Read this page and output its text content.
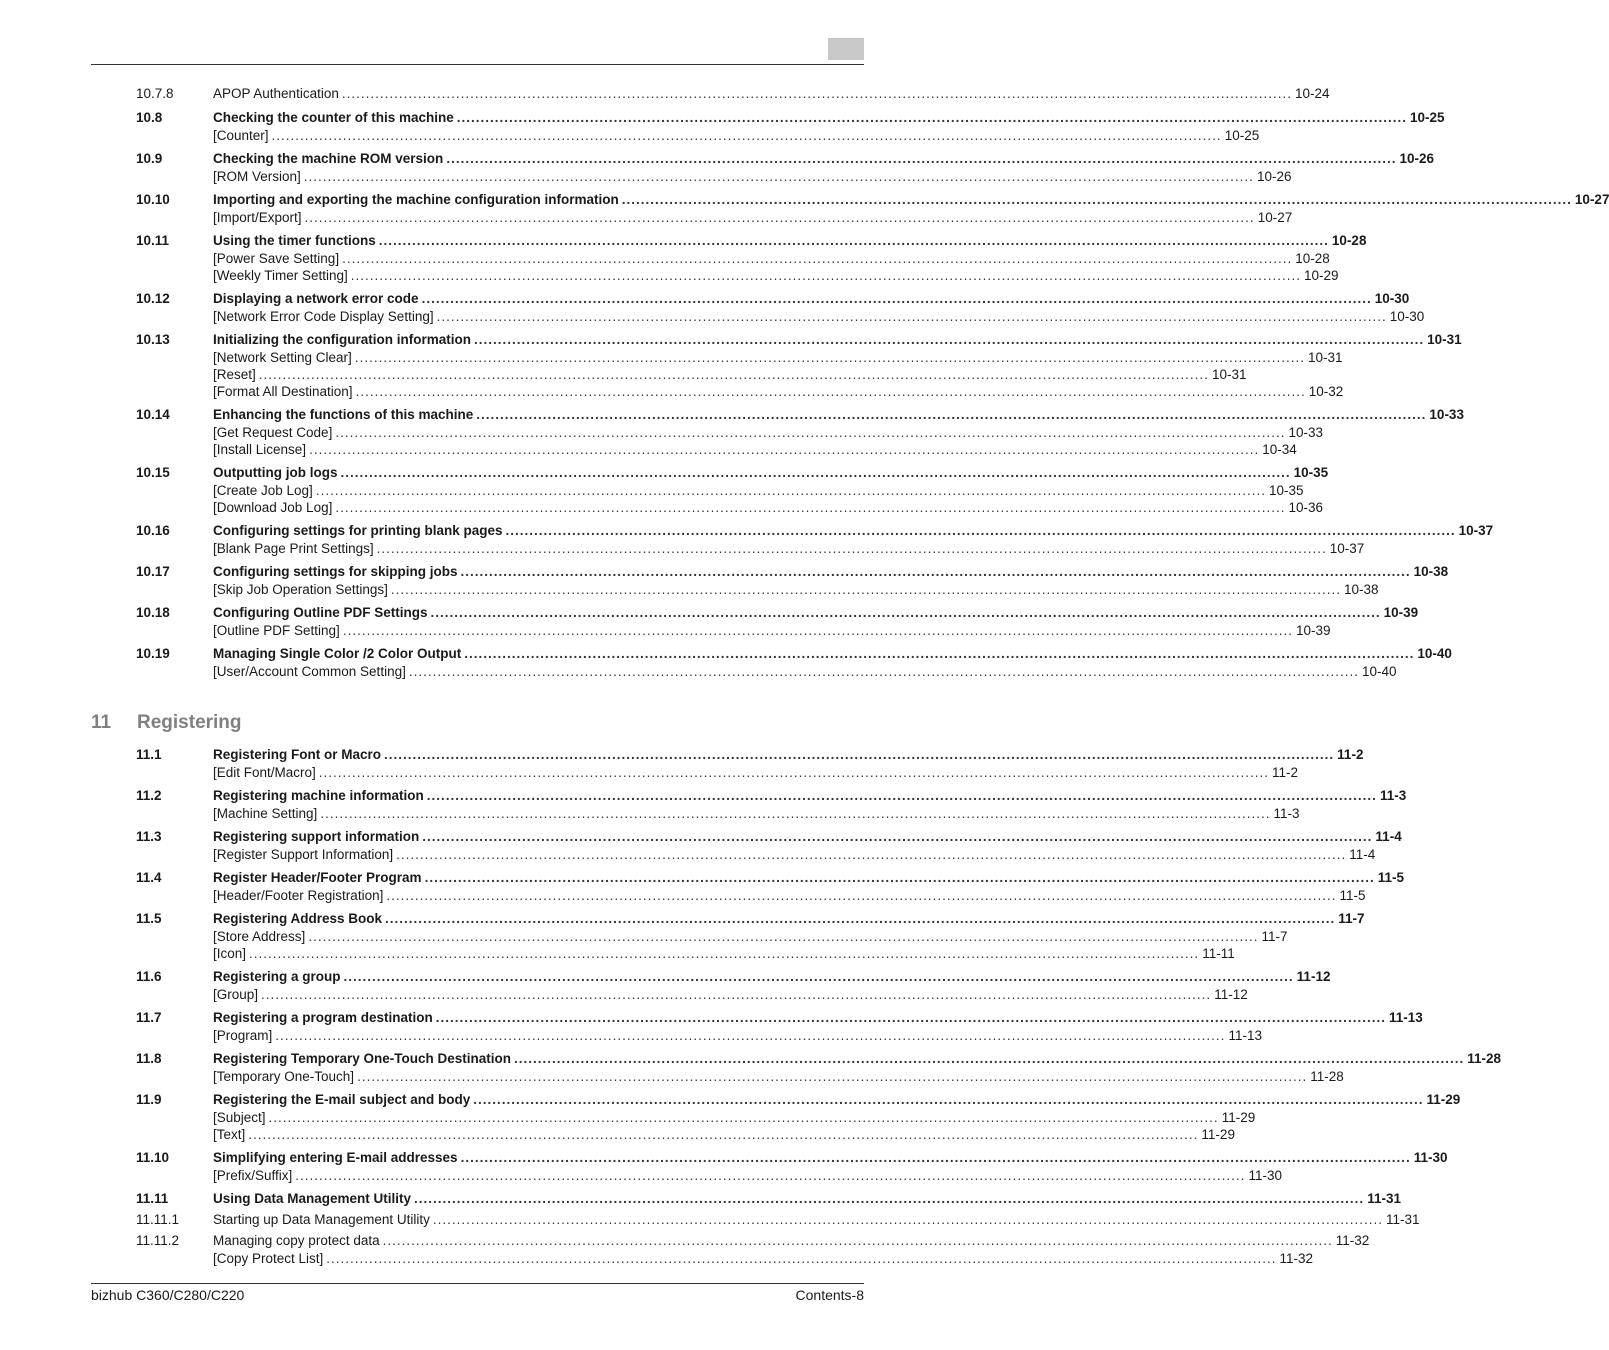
10.7.8	APOP Authentication ........................................................................................................................................................................................................ 10-24
10.8	Checking the counter of this machine ........................................................................................................................................................................................................ 10-25
[Counter] ........................................................................................................................................................................................................ 10-25
10.9	Checking the machine ROM version ........................................................................................................................................................................................................ 10-26
[ROM Version] ........................................................................................................................................................................................................ 10-26
10.10	Importing and exporting the machine configuration information ........................................................................................................................................................................................................ 10-27
[Import/Export] ........................................................................................................................................................................................................ 10-27
10.11	Using the timer functions ........................................................................................................................................................................................................ 10-28
[Power Save Setting] ........................................................................................................................................................................................................ 10-28
[Weekly Timer Setting] ........................................................................................................................................................................................................ 10-29
10.12	Displaying a network error code ........................................................................................................................................................................................................ 10-30
[Network Error Code Display Setting] ........................................................................................................................................................................................................ 10-30
10.13	Initializing the configuration information ........................................................................................................................................................................................................ 10-31
[Network Setting Clear] ........................................................................................................................................................................................................ 10-31
[Reset] ........................................................................................................................................................................................................ 10-31
[Format All Destination] ........................................................................................................................................................................................................ 10-32
10.14	Enhancing the functions of this machine ........................................................................................................................................................................................................ 10-33
[Get Request Code] ........................................................................................................................................................................................................ 10-33
[Install License] ........................................................................................................................................................................................................ 10-34
10.15	Outputting job logs ........................................................................................................................................................................................................ 10-35
[Create Job Log] ........................................................................................................................................................................................................ 10-35
[Download Job Log] ........................................................................................................................................................................................................ 10-36
10.16	Configuring settings for printing blank pages ........................................................................................................................................................................................................ 10-37
[Blank Page Print Settings] ........................................................................................................................................................................................................ 10-37
10.17	Configuring settings for skipping jobs ........................................................................................................................................................................................................ 10-38
[Skip Job Operation Settings] ........................................................................................................................................................................................................ 10-38
10.18	Configuring Outline PDF Settings ........................................................................................................................................................................................................ 10-39
[Outline PDF Setting] ........................................................................................................................................................................................................ 10-39
10.19	Managing Single Color /2 Color Output ........................................................................................................................................................................................................ 10-40
[User/Account Common Setting] ........................................................................................................................................................................................................ 10-40
11 Registering
11.1	Registering Font or Macro ........................................................................................................................................................................................................ 11-2
[Edit Font/Macro] ........................................................................................................................................................................................................ 11-2
11.2	Registering machine information ........................................................................................................................................................................................................ 11-3
[Machine Setting] ........................................................................................................................................................................................................ 11-3
11.3	Registering support information ........................................................................................................................................................................................................ 11-4
[Register Support Information] ........................................................................................................................................................................................................ 11-4
11.4	Register Header/Footer Program ........................................................................................................................................................................................................ 11-5
[Header/Footer Registration] ........................................................................................................................................................................................................ 11-5
11.5	Registering Address Book ........................................................................................................................................................................................................ 11-7
[Store Address] ........................................................................................................................................................................................................ 11-7
[Icon] ........................................................................................................................................................................................................ 11-11
11.6	Registering a group ........................................................................................................................................................................................................ 11-12
[Group] ........................................................................................................................................................................................................ 11-12
11.7	Registering a program destination ........................................................................................................................................................................................................ 11-13
[Program] ........................................................................................................................................................................................................ 11-13
11.8	Registering Temporary One-Touch Destination ........................................................................................................................................................................................................ 11-28
[Temporary One-Touch] ........................................................................................................................................................................................................ 11-28
11.9	Registering the E-mail subject and body ........................................................................................................................................................................................................ 11-29
[Subject] ........................................................................................................................................................................................................ 11-29
[Text] ........................................................................................................................................................................................................ 11-29
11.10	Simplifying entering E-mail addresses ........................................................................................................................................................................................................ 11-30
[Prefix/Suffix] ........................................................................................................................................................................................................ 11-30
11.11	Using Data Management Utility ........................................................................................................................................................................................................ 11-31
11.11.1	Starting up Data Management Utility ........................................................................................................................................................................................................ 11-31
11.11.2	Managing copy protect data ........................................................................................................................................................................................................ 11-32
[Copy Protect List] ........................................................................................................................................................................................................ 11-32
bizhub C360/C280/C220	Contents-8
